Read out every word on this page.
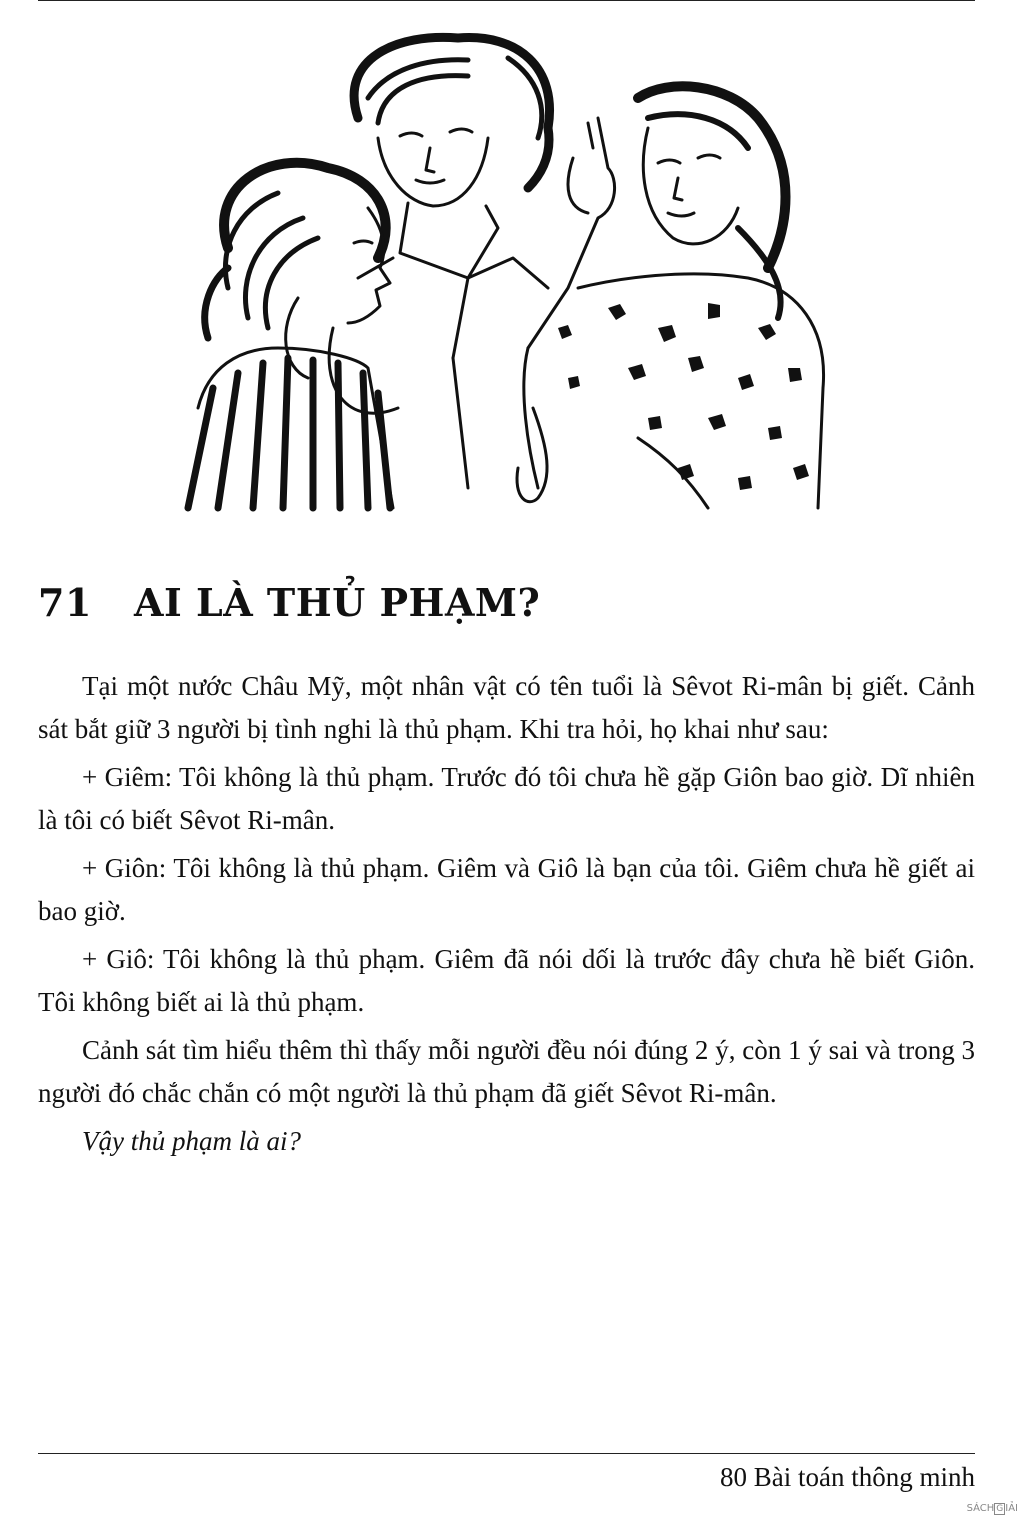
71 AI LÀ THỦ PHẠM?

Tại một nước Châu Mỹ, một nhân vật có tên tuổi là Sêvot Ri-mân bị giết. Cảnh sát bắt giữ 3 người bị tình nghi là thủ phạm. Khi tra hỏi, họ khai như sau:

+ Giêm: Tôi không là thủ phạm. Trước đó tôi chưa hề gặp Giôn bao giờ. Dĩ nhiên là tôi có biết Sêvot Ri-mân.

+ Giôn: Tôi không là thủ phạm. Giêm và Giô là bạn của tôi. Giêm chưa hề giết ai bao giờ.

+ Giô: Tôi không là thủ phạm. Giêm đã nói dối là trước đây chưa hề biết Giôn. Tôi không biết ai là thủ phạm.

Cảnh sát tìm hiểu thêm thì thấy mỗi người đều nói đúng 2 ý, còn 1 ý sai và trong 3 người đó chắc chắn có một người là thủ phạm đã giết Sêvot Ri-mân.

Vậy thủ phạm là ai?

80 Bài toán thông minh
SÁCH G IẢI
